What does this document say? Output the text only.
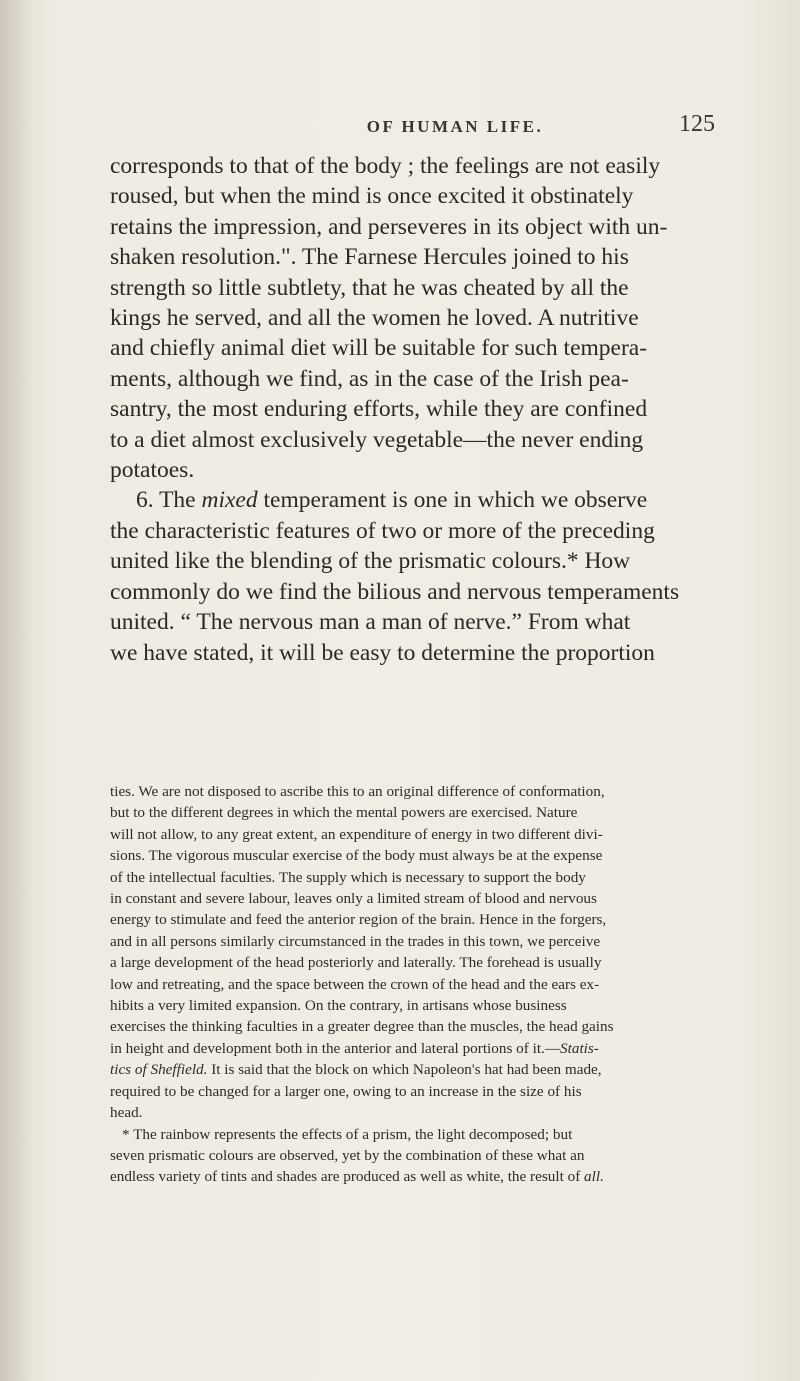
OF HUMAN LIFE.	125

corresponds to that of the body ; the feelings are not easily
roused, but when the mind is once excited it obstinately
retains the impression, and perseveres in its object with un-
shaken resolution.". The Farnese Hercules joined to his
strength so little subtlety, that he was cheated by all the
kings he served, and all the women he loved. A nutritive
and chiefly animal diet will be suitable for such tempera-
ments, although we find, as in the case of the Irish pea-
santry, the most enduring efforts, while they are confined
to a diet almost exclusively vegetable—the never ending
potatoes.

6. The mixed temperament is one in which we observe
the characteristic features of two or more of the preceding
united like the blending of the prismatic colours.* How
commonly do we find the bilious and nervous temperaments
united. “ The nervous man a man of nerve.” From what
we have stated, it will be easy to determine the proportion

ties. We are not disposed to ascribe this to an original difference of conformation,
but to the different degrees in which the mental powers are exercised. Nature
will not allow, to any great extent, an expenditure of energy in two different divi-
sions. The vigorous muscular exercise of the body must always be at the expense
of the intellectual faculties. The supply which is necessary to support the body
in constant and severe labour, leaves only a limited stream of blood and nervous
energy to stimulate and feed the anterior region of the brain. Hence in the forgers,
and in all persons similarly circumstanced in the trades in this town, we perceive
a large development of the head posteriorly and laterally. The forehead is usually
low and retreating, and the space between the crown of the head and the ears ex-
hibits a very limited expansion. On the contrary, in artisans whose business
exercises the thinking faculties in a greater degree than the muscles, the head gains
in height and development both in the anterior and lateral portions of it.—Statis-
tics of Sheffield. It is said that the block on which Napoleon's hat had been made,
required to be changed for a larger one, owing to an increase in the size of his
head.
* The rainbow represents the effects of a prism, the light decomposed; but
seven prismatic colours are observed, yet by the combination of these what an
endless variety of tints and shades are produced as well as white, the result of all.
